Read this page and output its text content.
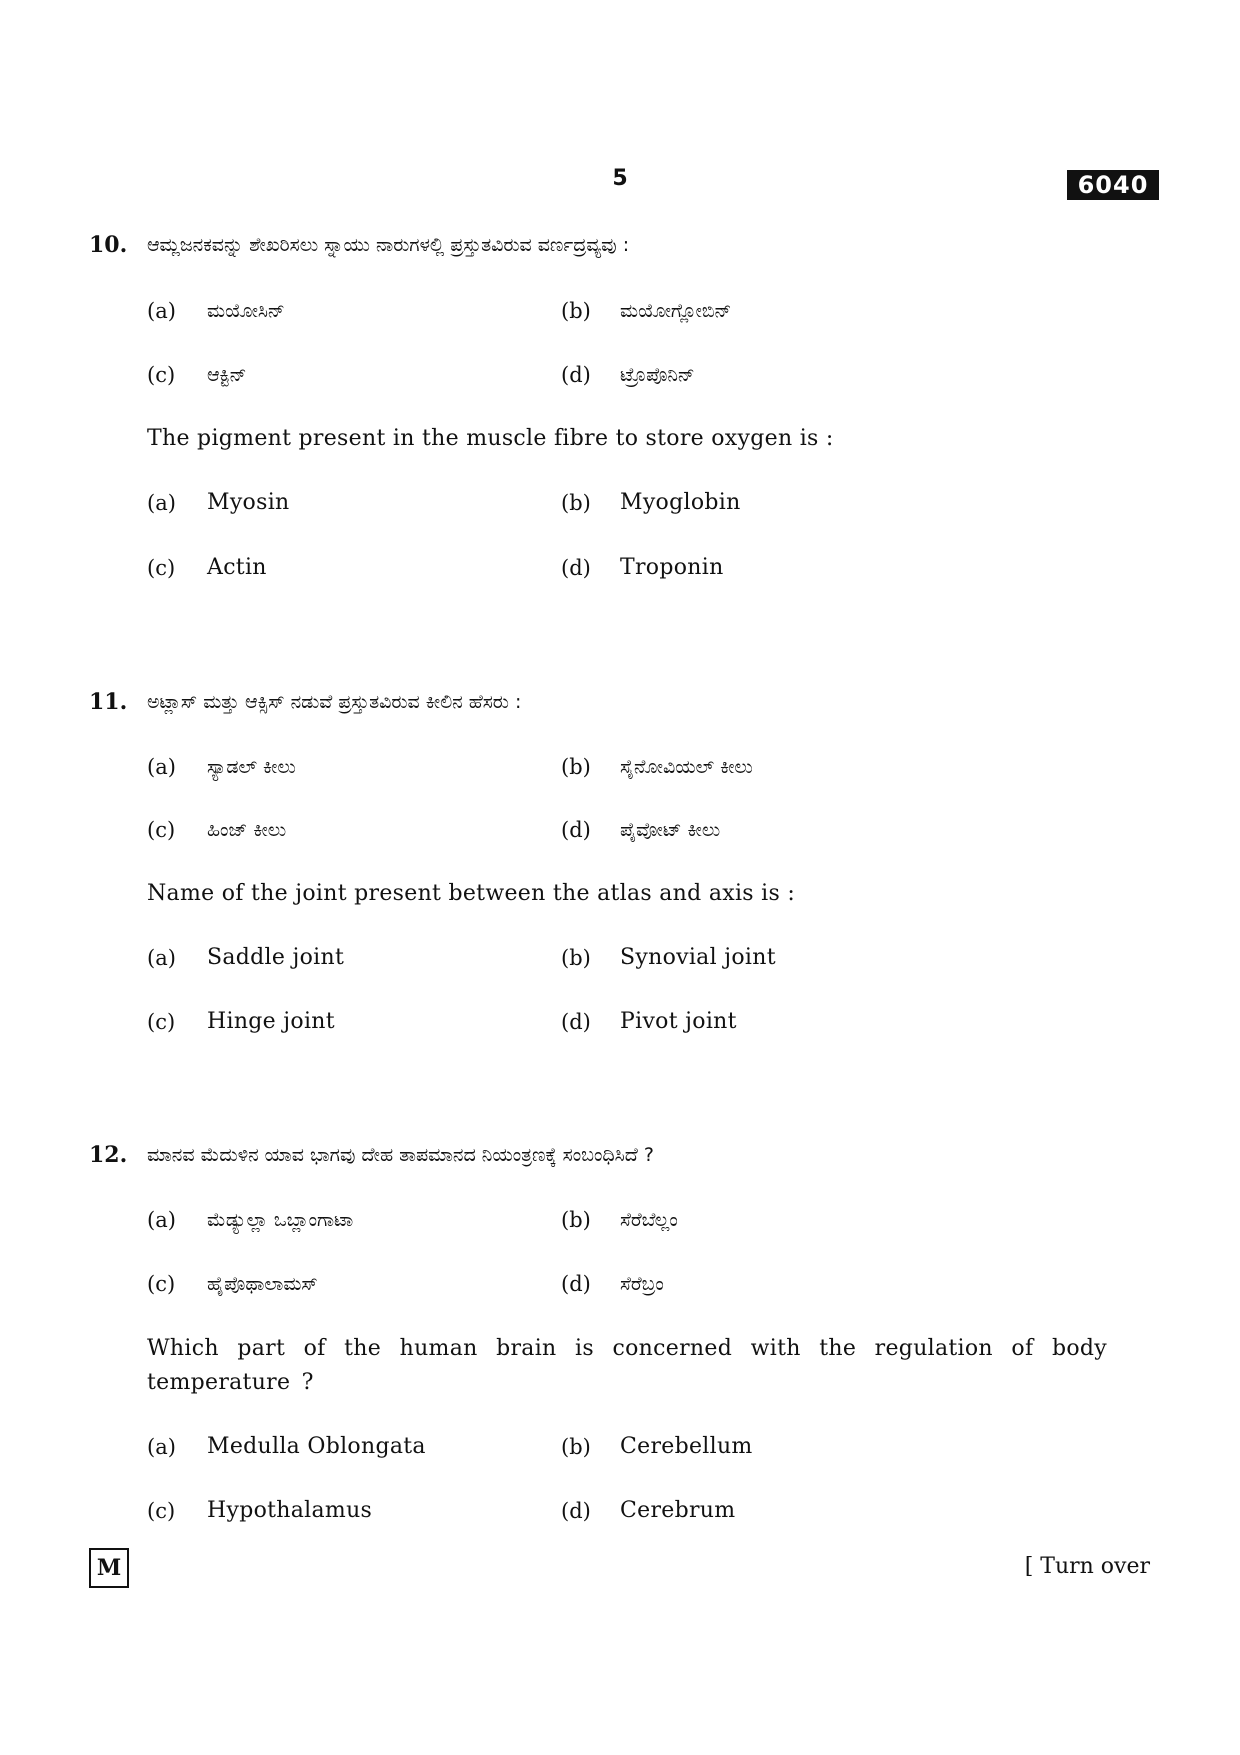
5	6040
10. ಆಮ್ಲಜನಕವನ್ನು ಶೇಖರಿಸಲು ಸ್ನಾಯು ನಾರುಗಳಲ್ಲಿ ಪ್ರಸ್ತುತವಿರುವ ವರ್ಣದ್ರವ್ಯವು :
(a) ಮಯೋಸಿನ್	(b) ಮಯೋಗ್ಲೋಬಿನ್
(c) ಆಕ್ಟಿನ್	(d) ಟ್ರೊಪೊನಿನ್
The pigment present in the muscle fibre to store oxygen is :
(a) Myosin	(b) Myoglobin
(c) Actin	(d) Troponin
11. ಅಟ್ಲಾಸ್ ಮತ್ತು ಆಕ್ಸಿಸ್ ನಡುವೆ ಪ್ರಸ್ತುತವಿರುವ ಕೀಲಿನ ಹೆಸರು :
(a) ಸ್ಯಾಡಲ್ ಕೀಲು	(b) ಸೈನೋವಿಯಲ್ ಕೀಲು
(c) ಹಿಂಜ್ ಕೀಲು	(d) ಪೈವೋಟ್ ಕೀಲು
Name of the joint present between the atlas and axis is :
(a) Saddle joint	(b) Synovial joint
(c) Hinge joint	(d) Pivot joint
12. ಮಾನವ ಮೆದುಳಿನ ಯಾವ ಭಾಗವು ದೇಹ ತಾಪಮಾನದ ನಿಯಂತ್ರಣಕ್ಕೆ ಸಂಬಂಧಿಸಿದೆ ?
(a) ಮೆಡ್ಯುಲ್ಲಾ ಒಬ್ಲಾಂಗಾಟಾ	(b) ಸೆರೆಬೆಲ್ಲಂ
(c) ಹೈಪೊಥಾಲಾಮಸ್	(d) ಸೆರೆಬ್ರಂ
Which part of the human brain is concerned with the regulation of body temperature ?
(a) Medulla Oblongata	(b) Cerebellum
(c) Hypothalamus	(d) Cerebrum
M	[ Turn over
